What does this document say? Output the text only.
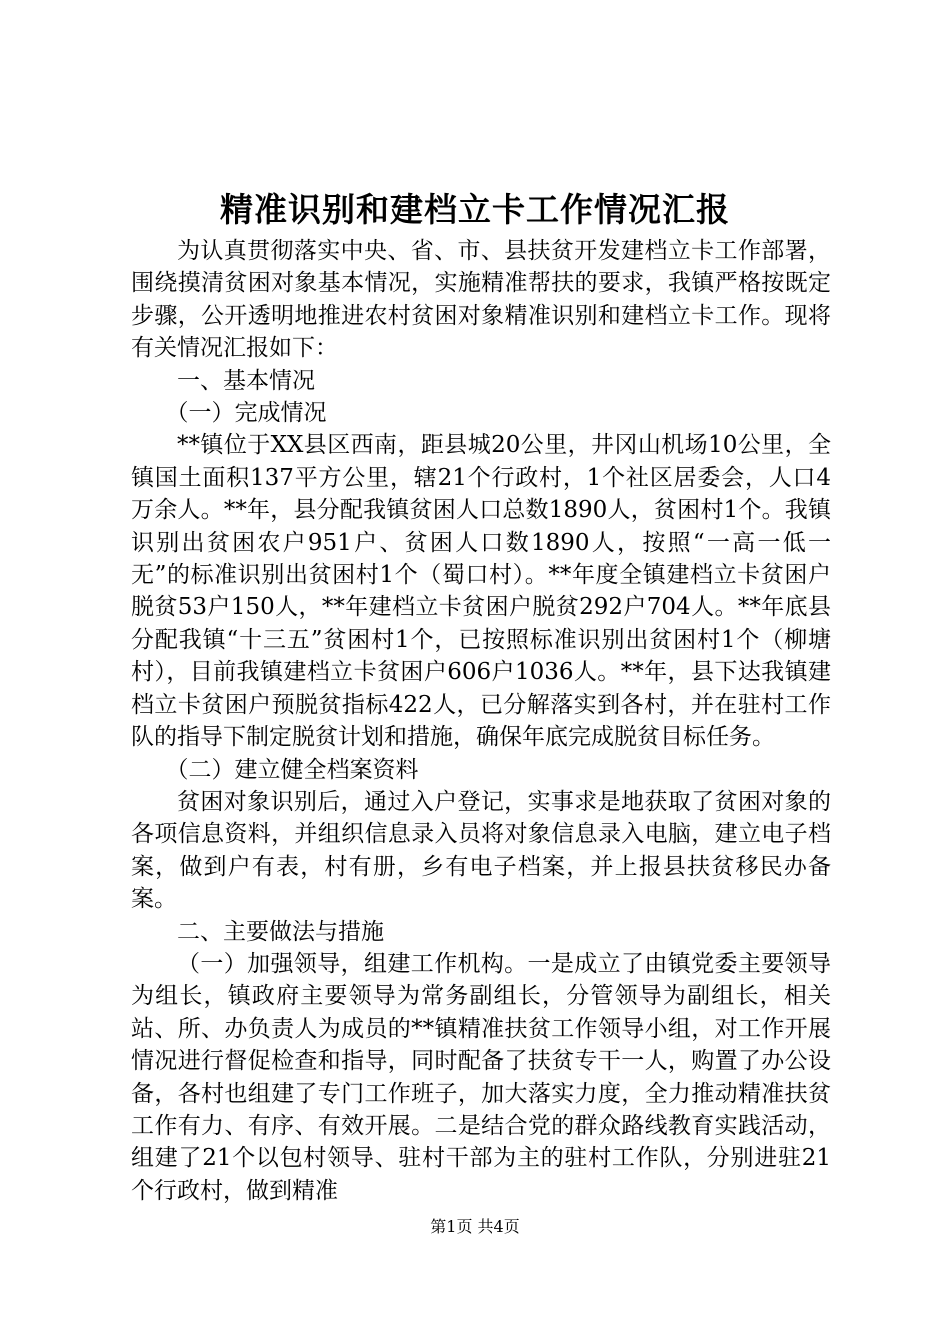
精准识别和建档立卡工作情况汇报

为认真贯彻落实中央、省、市、县扶贫开发建档立卡工作部署，围绕摸清贫困对象基本情况，实施精准帮扶的要求，我镇严格按既定步骤，公开透明地推进农村贫困对象精准识别和建档立卡工作。现将有关情况汇报如下：

一、基本情况

（一）完成情况

**镇位于XX县区西南，距县城20公里，井冈山机场10公里，全镇国土面积137平方公里，辖21个行政村，1个社区居委会，人口4万余人。**年，县分配我镇贫困人口总数1890人，贫困村1个。我镇识别出贫困农户951户、贫困人口数1890人，按照“一高一低一无”的标准识别出贫困村1个（蜀口村）。**年度全镇建档立卡贫困户脱贫53户150人，**年建档立卡贫困户脱贫292户704人。**年底县分配我镇“十三五”贫困村1个，已按照标准识别出贫困村1个（柳塘村），目前我镇建档立卡贫困户606户1036人。**年，县下达我镇建档立卡贫困户预脱贫指标422人，已分解落实到各村，并在驻村工作队的指导下制定脱贫计划和措施，确保年底完成脱贫目标任务。

（二）建立健全档案资料

贫困对象识别后，通过入户登记，实事求是地获取了贫困对象的各项信息资料，并组织信息录入员将对象信息录入电脑，建立电子档案，做到户有表，村有册，乡有电子档案，并上报县扶贫移民办备案。

二、主要做法与措施

（一）加强领导，组建工作机构。一是成立了由镇党委主要领导为组长，镇政府主要领导为常务副组长，分管领导为副组长，相关站、所、办负责人为成员的**镇精准扶贫工作领导小组，对工作开展情况进行督促检查和指导，同时配备了扶贫专干一人，购置了办公设备，各村也组建了专门工作班子，加大落实力度，全力推动精准扶贫工作有力、有序、有效开展。二是结合党的群众路线教育实践活动，组建了21个以包村领导、驻村干部为主的驻村工作队，分别进驻21个行政村，做到精准

第1页 共4页
